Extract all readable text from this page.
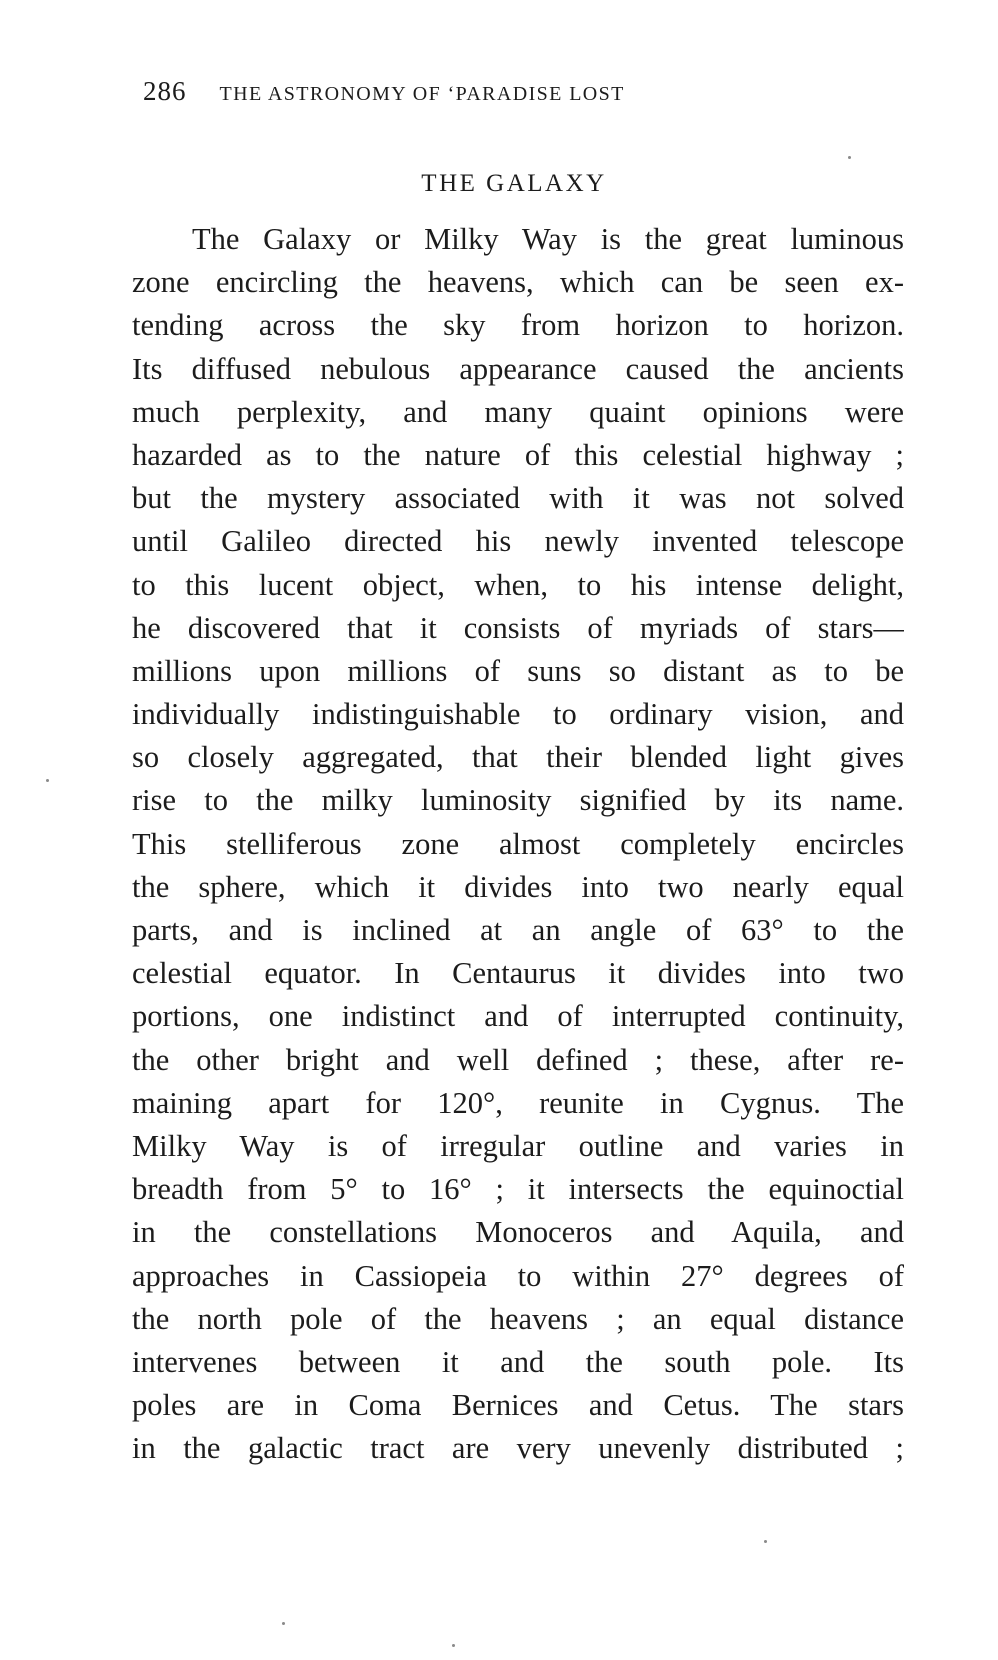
286 THE ASTRONOMY OF ‘PARADISE LOST
THE GALAXY
The Galaxy or Milky Way is the great luminous
zone encircling the heavens, which can be seen ex-
tending across the sky from horizon to horizon.
Its diffused nebulous appearance caused the ancients
much perplexity, and many quaint opinions were
hazarded as to the nature of this celestial highway ;
but the mystery associated with it was not solved
until Galileo directed his newly invented telescope
to this lucent object, when, to his intense delight,
he discovered that it consists of myriads of stars—
millions upon millions of suns so distant as to be
individually indistinguishable to ordinary vision, and
so closely aggregated, that their blended light gives
rise to the milky luminosity signified by its name.
This stelliferous zone almost completely encircles
the sphere, which it divides into two nearly equal
parts, and is inclined at an angle of 63° to the
celestial equator. In Centaurus it divides into two
portions, one indistinct and of interrupted continuity,
the other bright and well defined ; these, after re-
maining apart for 120°, reunite in Cygnus. The
Milky Way is of irregular outline and varies in
breadth from 5° to 16° ; it intersects the equinoctial
in the constellations Monoceros and Aquila, and
approaches in Cassiopeia to within 27° degrees of
the north pole of the heavens ; an equal distance
intervenes between it and the south pole. Its
poles are in Coma Bernices and Cetus. The stars
in the galactic tract are very unevenly distributed ;
